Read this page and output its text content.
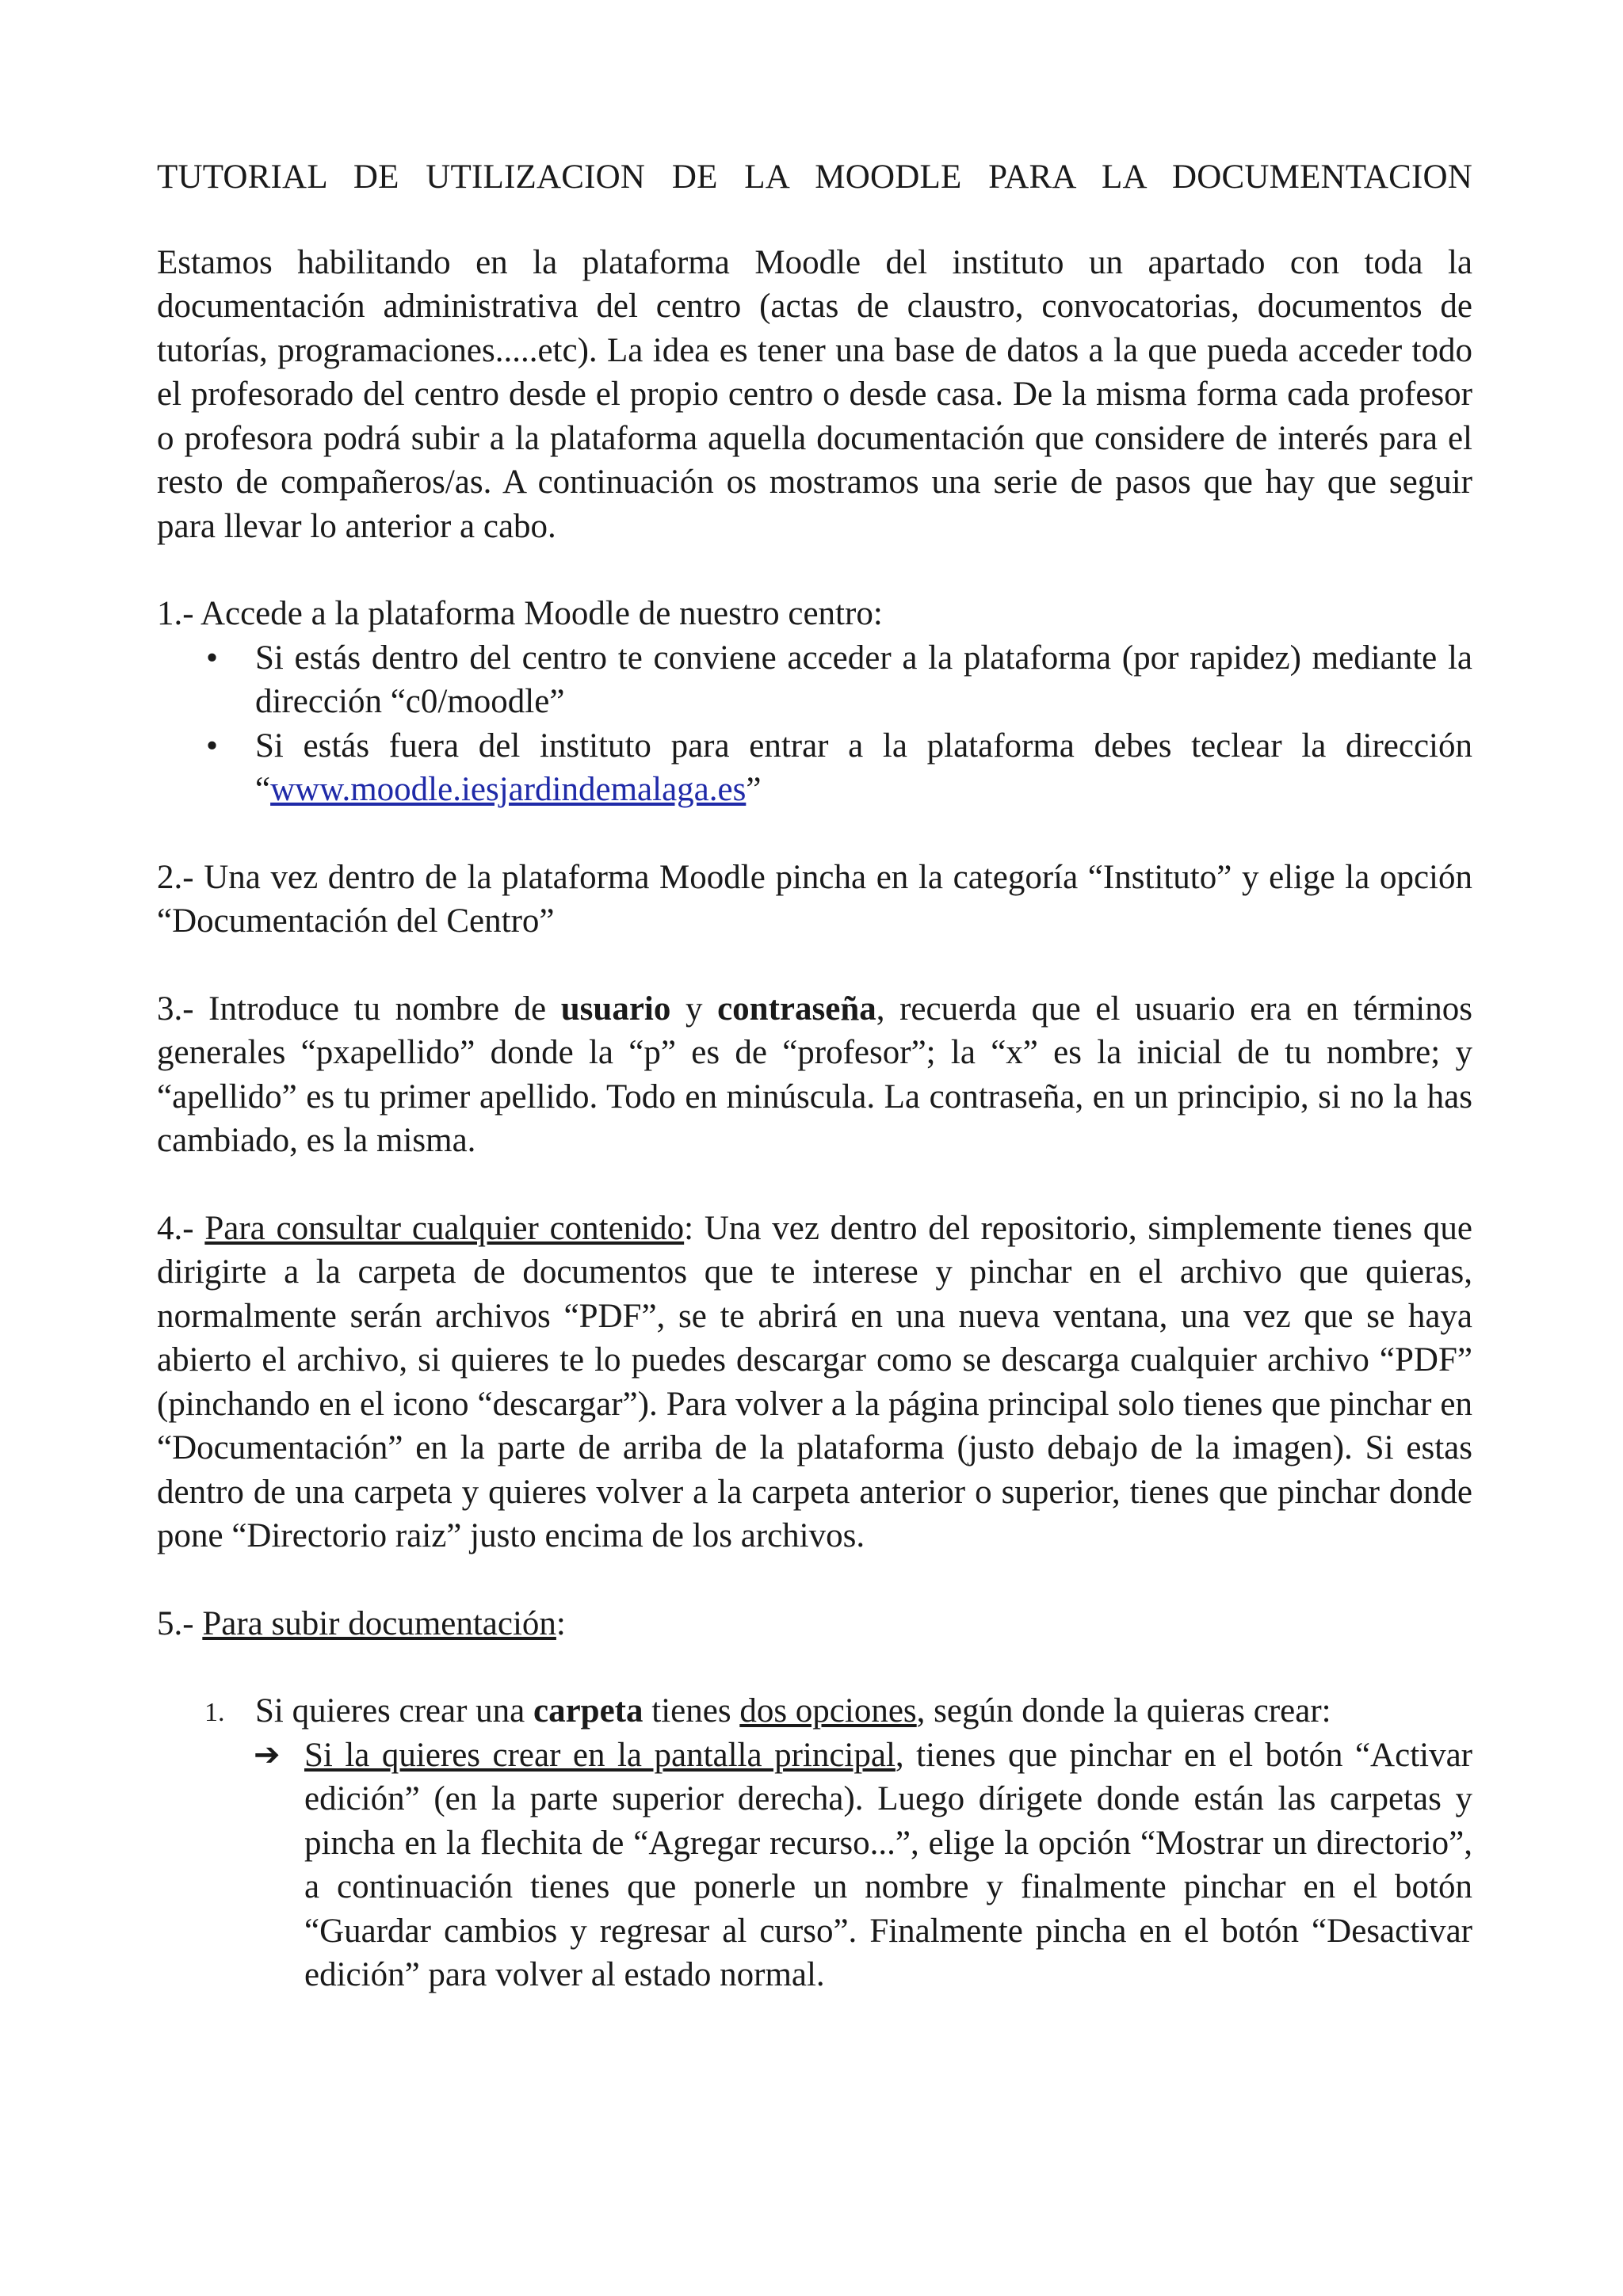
TUTORIAL DE UTILIZACION DE LA MOODLE PARA LA DOCUMENTACION

Estamos habilitando en la plataforma Moodle del instituto un apartado con toda la documentación administrativa del centro (actas de claustro, convocatorias, documentos de tutorías, programaciones.....etc). La idea es tener una base de datos a la que pueda acceder todo el profesorado del centro desde el propio centro o desde casa. De la misma forma cada profesor o profesora podrá subir a la plataforma aquella documentación que considere de interés para el resto de compañeros/as. A continuación os mostramos una serie de pasos que hay que seguir para llevar lo anterior a cabo.

1.- Accede a la plataforma Moodle de nuestro centro:

• Si estás dentro del centro te conviene acceder a la plataforma (por rapidez) mediante la dirección “c0/moodle”
• Si estás fuera del instituto para entrar a la plataforma debes teclear la dirección “www.moodle.iesjardindemalaga.es”

2.- Una vez dentro de la plataforma Moodle pincha en la categoría “Instituto” y elige la opción “Documentación del Centro”

3.- Introduce tu nombre de usuario y contraseña, recuerda que el usuario era en términos generales “pxapellido” donde la “p” es de “profesor”; la “x” es la inicial de tu nombre; y “apellido” es tu primer apellido. Todo en minúscula. La contraseña, en un principio, si no la has cambiado, es la misma.

4.- Para consultar cualquier contenido: Una vez dentro del repositorio, simplemente tienes que dirigirte a la carpeta de documentos que te interese y pinchar en el archivo que quieras, normalmente serán archivos “PDF”, se te abrirá en una nueva ventana, una vez que se haya abierto el archivo, si quieres te lo puedes descargar como se descarga cualquier archivo “PDF” (pinchando en el icono “descargar”). Para volver a la página principal solo tienes que pinchar en “Documentación” en la parte de arriba de la plataforma (justo debajo de la imagen). Si estas dentro de una carpeta y quieres volver a la carpeta anterior o superior, tienes que pinchar donde pone “Directorio raiz” justo encima de los archivos.

5.- Para subir documentación:

1. Si quieres crear una carpeta tienes dos opciones, según donde la quieras crear:
➔ Si la quieres crear en la pantalla principal, tienes que pinchar en el botón “Activar edición” (en la parte superior derecha). Luego dírigete donde están las carpetas y pincha en la flechita de “Agregar recurso...”, elige la opción “Mostrar un directorio”, a continuación tienes que ponerle un nombre y finalmente pinchar en el botón “Guardar cambios y regresar al curso”. Finalmente pincha en el botón “Desactivar edición” para volver al estado normal.
